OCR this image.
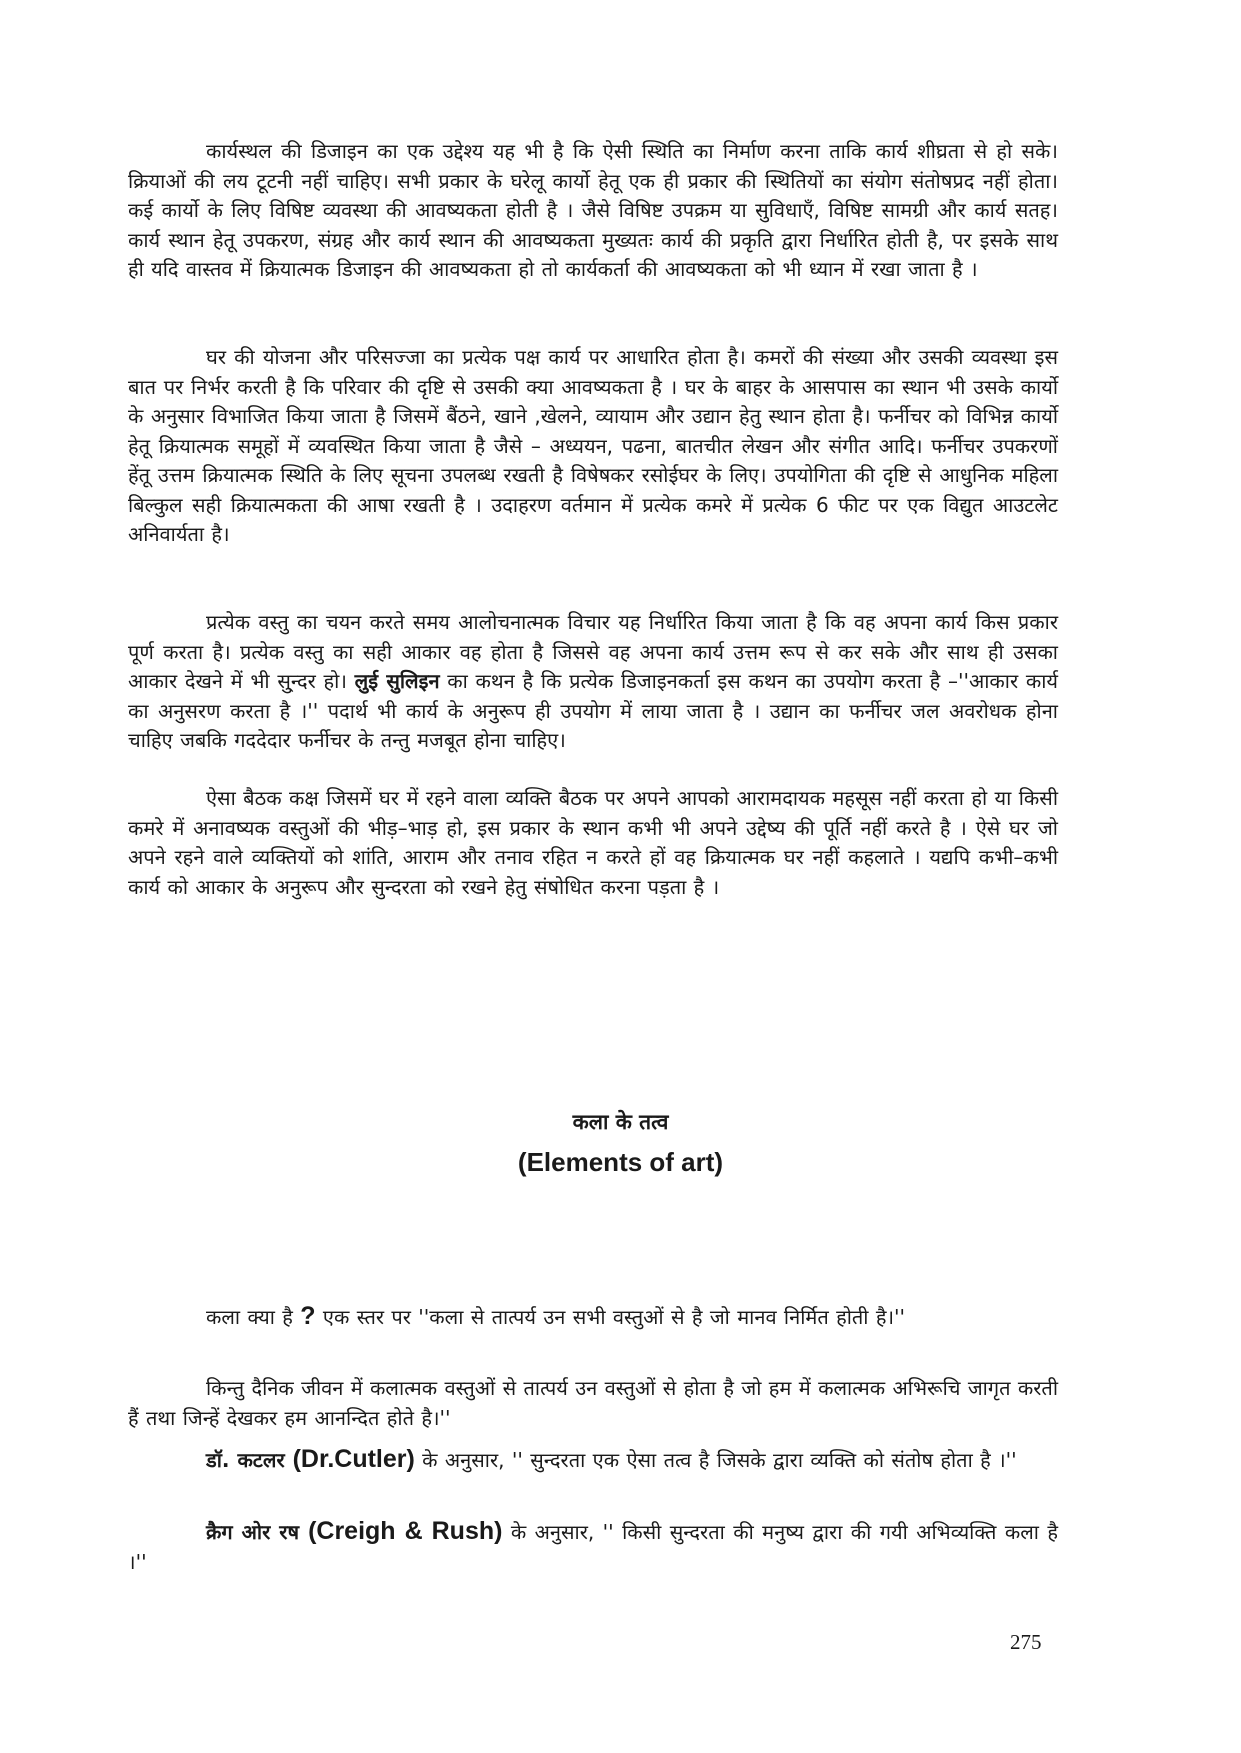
कार्यस्थल की डिजाइन का एक उद्देश्य यह भी है कि ऐसी स्थिति का निर्माण करना ताकि कार्य शीघ्रता से हो सके। क्रियाओं की लय टूटनी नहीं चाहिए। सभी प्रकार के घरेलू कार्यो हेतू एक ही प्रकार की स्थितियों का संयोग संतोषप्रद नहीं होता। कई कार्यो के लिए विषिष्ट व्यवस्था की आवष्यकता होती है । जैसे विषिष्ट उपक्रम या सुविधाएँ, विषिष्ट सामग्री और कार्य सतह। कार्य स्थान हेतू उपकरण, संग्रह और कार्य स्थान की आवष्यकता मुख्यतः कार्य की प्रकृति द्वारा निर्धारित होती है, पर इसके साथ ही यदि वास्तव में क्रियात्मक डिजाइन की आवष्यकता हो तो कार्यकर्ता की आवष्यकता को भी ध्यान में रखा जाता है ।

घर की योजना और परिसज्जा का प्रत्येक पक्ष कार्य पर आधारित होता है। कमरों की संख्या और उसकी व्यवस्था इस बात पर निर्भर करती है कि परिवार की दृष्टि से उसकी क्या आवष्यकता है । घर के बाहर के आसपास का स्थान भी उसके कार्यो के अनुसार विभाजित किया जाता है जिसमें बैंठने, खाने ,खेलने, व्यायाम और उद्यान हेतु स्थान होता है। फर्नीचर को विभिन्न कार्यो हेतू क्रियात्मक समूहों में व्यवस्थित किया जाता है जैसे – अध्ययन, पढना, बातचीत लेखन और संगीत आदि। फर्नीचर उपकरणों हेंतू उत्तम क्रियात्मक स्थिति के लिए सूचना उपलब्ध रखती है विषेषकर रसोईघर के लिए। उपयोगिता की दृष्टि से आधुनिक महिला बिल्कुल सही क्रियात्मकता की आषा रखती है । उदाहरण वर्तमान में प्रत्येक कमरे में प्रत्येक 6 फीट पर एक विद्युत आउटलेट अनिवार्यता है।

प्रत्येक वस्तु का चयन करते समय आलोचनात्मक विचार यह निर्धारित किया जाता है कि वह अपना कार्य किस प्रकार पूर्ण करता है। प्रत्येक वस्तु का सही आकार वह होता है जिससे वह अपना कार्य उत्तम रूप से कर सके और साथ ही उसका आकार देखने में भी सु्न्दर हो। लुई सुलिइन का कथन है कि प्रत्येक डिजाइनकर्ता इस कथन का उपयोग करता है –''आकार कार्य का अनुसरण करता है ।'' पदार्थ भी कार्य के अनुरूप ही उपयोग में लाया जाता है । उद्यान का फर्नीचर जल अवरोधक होना चाहिए जबकि गददेदार फर्नीचर के तन्तु मजबूत होना चाहिए।

ऐसा बैठक कक्ष जिसमें घर में रहने वाला व्यक्ति बैठक पर अपने आपको आरामदायक महसूस नहीं करता हो या किसी कमरे में अनावष्यक वस्तुओं की भीड़–भाड़ हो, इस प्रकार के स्थान कभी भी अपने उद्देष्य की पूर्ति नहीं करते है । ऐसे घर जो अपने रहने वाले व्यक्तियों को शांति, आराम और तनाव रहित न करते हों वह क्रियात्मक घर नहीं कहलाते । यद्यपि कभी–कभी कार्य को आकार के अनुरूप और सुन्दरता को रखने हेतु संषोधित करना पड़ता है ।

कला के तत्व
(Elements of art)

कला क्या है ? एक स्तर पर ''कला से तात्पर्य उन सभी वस्तुओं से है जो मानव निर्मित होती है।''

किन्तु दैनिक जीवन में कलात्मक वस्तुओं से तात्पर्य उन वस्तुओं से होता है जो हम में कलात्मक अभिरूचि जागृत करती हैं तथा जिन्हें देखकर हम आनन्दित होते है।''

डॉ. कटलर (Dr.Cutler) के अनुसार, '' सुन्दरता एक ऐसा तत्व है जिसके द्वारा व्यक्ति को संतोष होता है ।''

क्रैग ओर रष (Creigh & Rush) के अनुसार, '' किसी सुन्दरता की मनुष्य द्वारा की गयी अभिव्यक्ति कला है ।''

275
